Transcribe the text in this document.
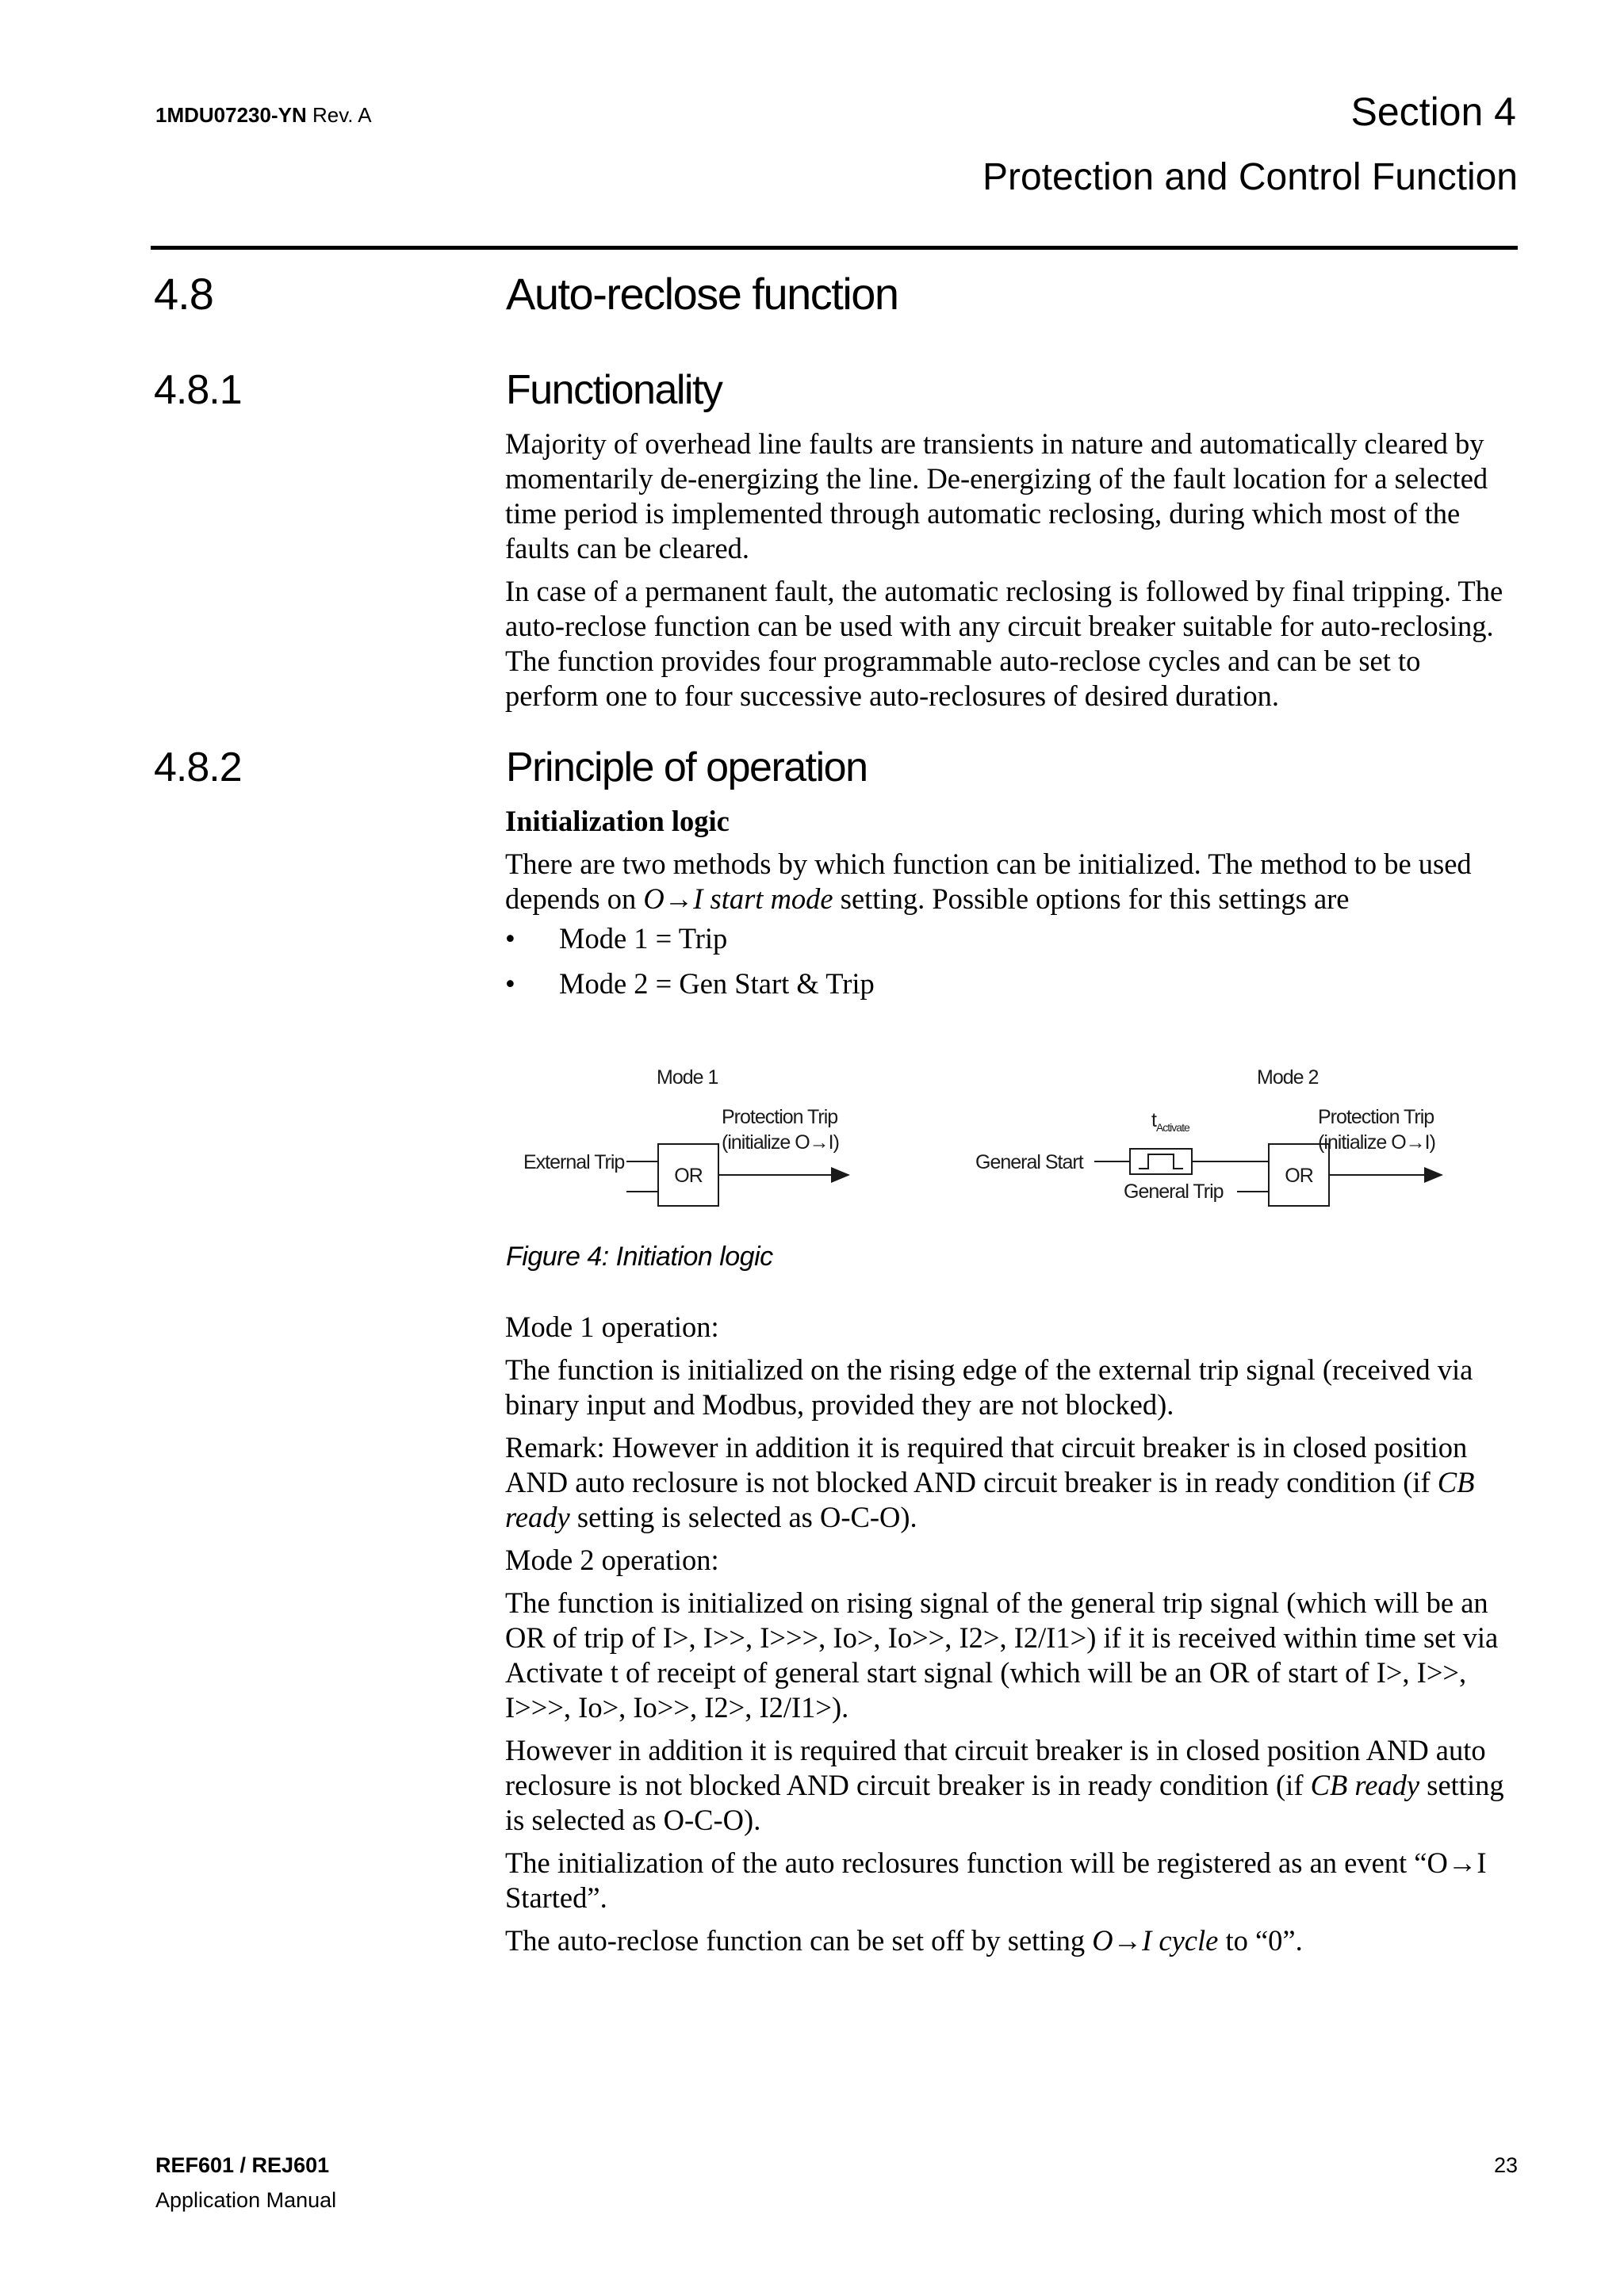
1MDU07230-YN Rev. A	Section 4
Protection and Control Function
4.8	Auto-reclose function
4.8.1	Functionality

Majority of overhead line faults are transients in nature and automatically cleared by momentarily de-energizing the line. De-energizing of the fault location for a selected time period is implemented through automatic reclosing, during which most of the faults can be cleared.

In case of a permanent fault, the automatic reclosing is followed by final tripping. The auto-reclose function can be used with any circuit breaker suitable for auto-reclosing. The function provides four programmable auto-reclose cycles and can be set to perform one to four successive auto-reclosures of desired duration.

4.8.2	Principle of operation

Initialization logic

There are two methods by which function can be initialized. The method to be used depends on O→I start mode setting. Possible options for this settings are

• Mode 1 = Trip
• Mode 2 = Gen Start & Trip
Mode 1
External Trip
OR
Protection Trip
(initialize O→I)
Mode 2
$t_{Activate}$
General Start
General Trip
OR
Protection Trip
(initialize O→I)
Figure 4: Initiation logic

Mode 1 operation:

The function is initialized on the rising edge of the external trip signal (received via binary input and Modbus, provided they are not blocked).

Remark: However in addition it is required that circuit breaker is in closed position AND auto reclosure is not blocked AND circuit breaker is in ready condition (if CB ready setting is selected as O-C-O).

Mode 2 operation:

The function is initialized on rising signal of the general trip signal (which will be an OR of trip of I>, I>>, I>>>, Io>, Io>>, I2>, I2/I1>) if it is received within time set via Activate t of receipt of general start signal (which will be an OR of start of I>, I>>, I>>>, Io>, Io>>, I2>, I2/I1>).

However in addition it is required that circuit breaker is in closed position AND auto reclosure is not blocked AND circuit breaker is in ready condition (if CB ready setting is selected as O-C-O).

The initialization of the auto reclosures function will be registered as an event “O→I Started”.

The auto-reclose function can be set off by setting O→I cycle to “0”.

REF601 / REJ601
Application Manual
23
